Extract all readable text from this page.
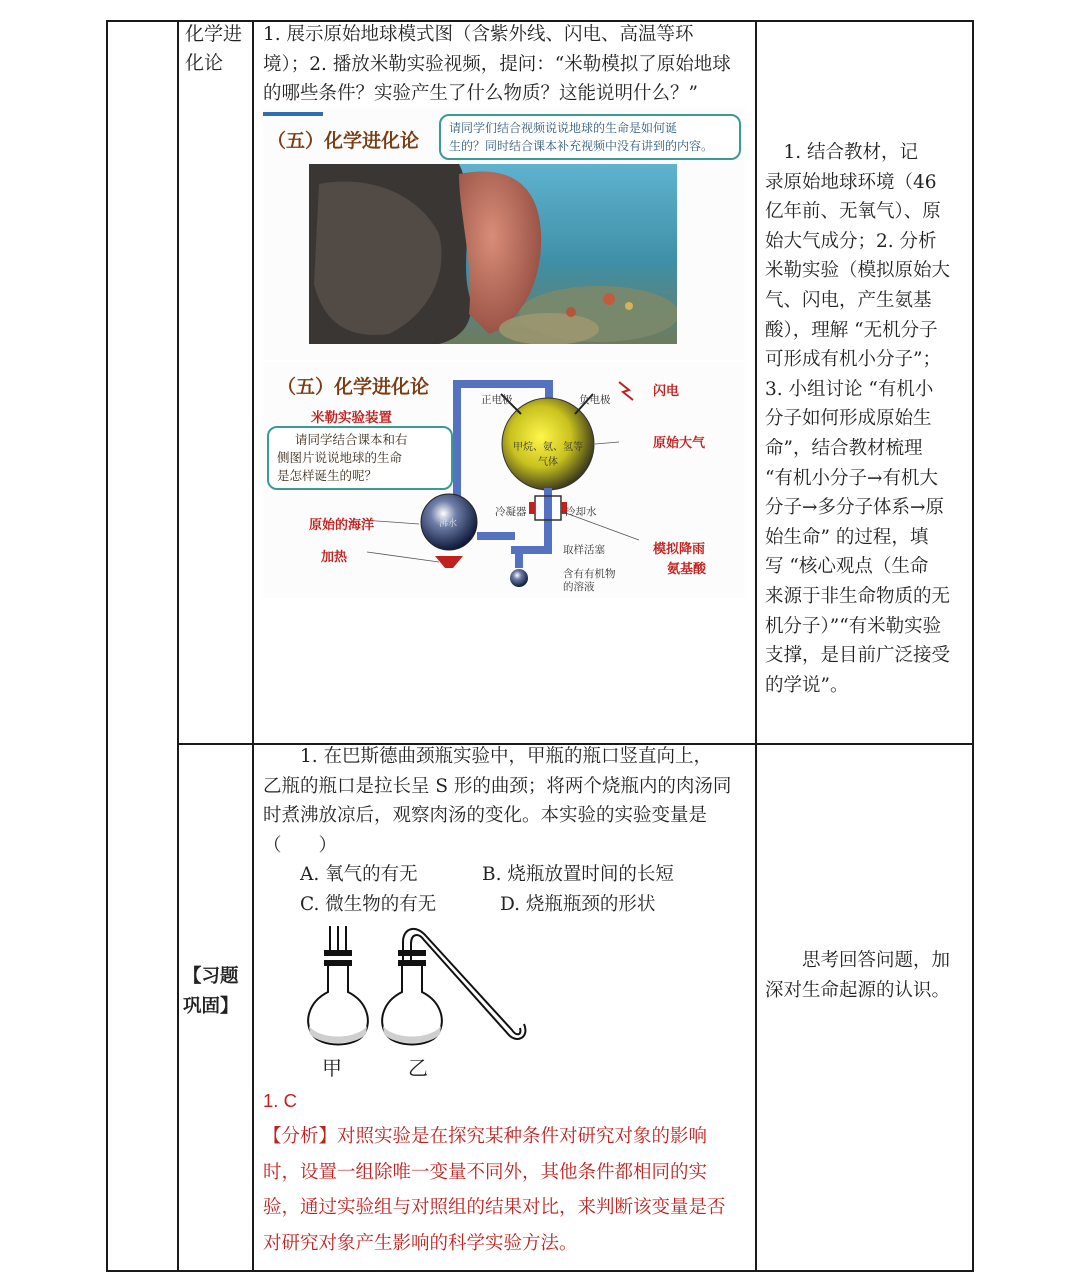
化学进化论
1. 展示原始地球模式图（含紫外线、闪电、高温等环
境）；2. 播放米勒实验视频，提问：“米勒模拟了原始地球
的哪些条件？实验产生了什么物质？这能说明什么？”
（五）化学进化论
请同学们结合视频说说地球的生命是如何诞
生的？同时结合课本补充视频中没有讲到的内容。
（五）化学进化论
米勒实验装置
请同学结合课本和右
侧图片说说地球的生命
是怎样诞生的呢？
正电极	负电极
闪电
甲烷、氨、氢等气体
原始大气
冷凝器	冷却水
原始的海洋	沸水
加热	取样活塞	模拟降雨
氨基酸
含有有机物
的溶液
　1. 结合教材，记
录原始地球环境（46
亿年前、无氧气）、原
始大气成分；2. 分析
米勒实验（模拟原始大
气、闪电，产生氨基
酸），理解 “无机分子
可形成有机小分子”；
3. 小组讨论 “有机小
分子如何形成原始生
命”，结合教材梳理
“有机小分子→有机大
分子→多分子体系→原
始生命” 的过程，填
写 “核心观点（生命
来源于非生命物质的无
机分子）”“有米勒实验
支撑，是目前广泛接受
的学说”。
【习题
巩固】
　　1. 在巴斯德曲颈瓶实验中，甲瓶的瓶口竖直向上，
乙瓶的瓶口是拉长呈 S 形的曲颈；将两个烧瓶内的肉汤同
时煮沸放凉后，观察肉汤的变化。本实验的实验变量是
（　　）
A. 氧气的有无	B. 烧瓶放置时间的长短
C. 微生物的有无	D. 烧瓶瓶颈的形状
甲	乙
1. C
【分析】对照实验是在探究某种条件对研究对象的影响
时，设置一组除唯一变量不同外，其他条件都相同的实
验，通过实验组与对照组的结果对比，来判断该变量是否
对研究对象产生影响的科学实验方法。
　　思考回答问题，加
深对生命起源的认识。
